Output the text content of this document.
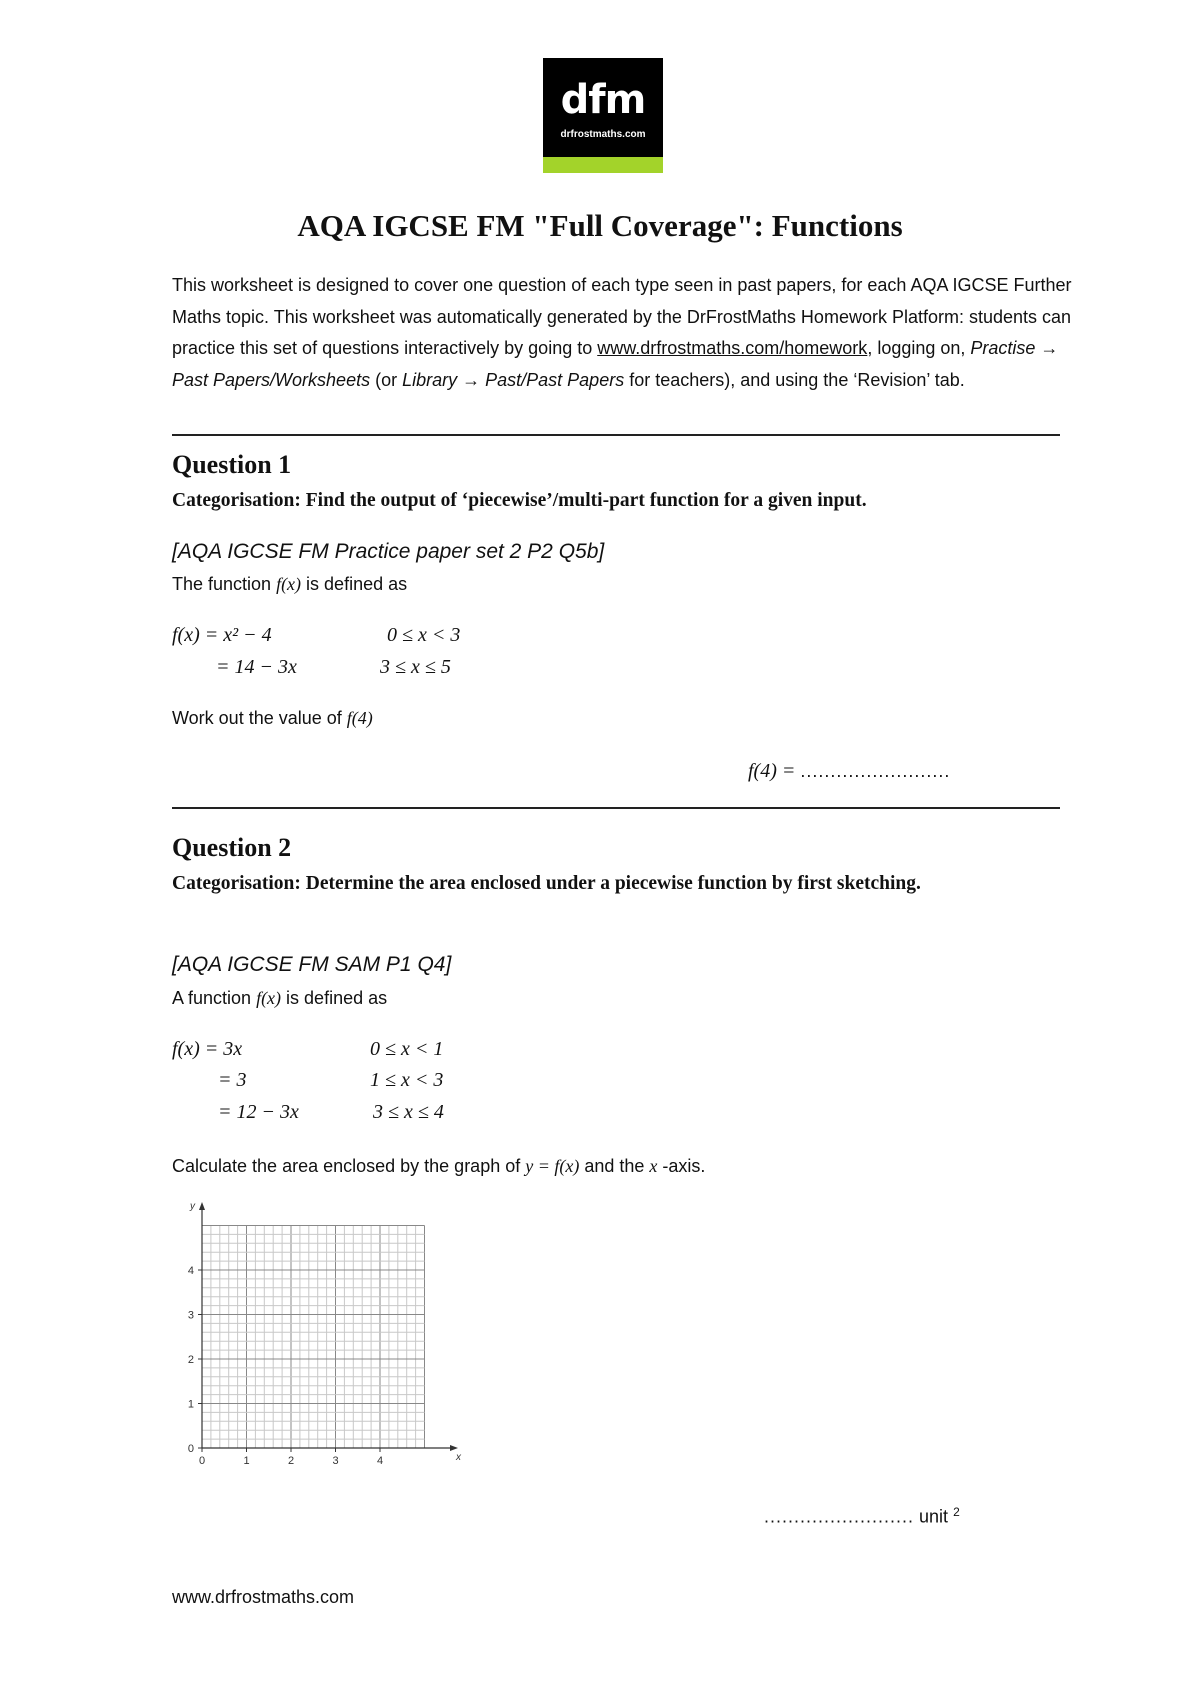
dfm
drfrostmaths.com
AQA IGCSE FM "Full Coverage": Functions
This worksheet is designed to cover one question of each type seen in past papers, for each AQA IGCSE Further Maths topic. This worksheet was automatically generated by the DrFrostMaths Homework Platform: students can practice this set of questions interactively by going to www.drfrostmaths.com/homework, logging on, Practise → Past Papers/Worksheets (or Library → Past/Past Papers for teachers), and using the ‘Revision’ tab.
Question 1
Categorisation: Find the output of ‘piecewise’/multi-part function for a given input.
[AQA IGCSE FM Practice paper set 2 P2 Q5b]
The function f(x) is defined as
f(x) = x² − 4	0 ≤ x < 3
= 14 − 3x	3 ≤ x ≤ 5
Work out the value of f(4)
f(4) = .........................
Question 2
Categorisation: Determine the area enclosed under a piecewise function by first sketching.
[AQA IGCSE FM SAM P1 Q4]
A function f(x) is defined as
f(x) = 3x	0 ≤ x < 1
= 3	1 ≤ x < 3
= 12 − 3x	3 ≤ x ≤ 4
Calculate the area enclosed by the graph of y = f(x) and the x -axis.
x
y
0	1	2	3	4
0
1
2
3
4
......................... unit $^2$
www.drfrostmaths.com
